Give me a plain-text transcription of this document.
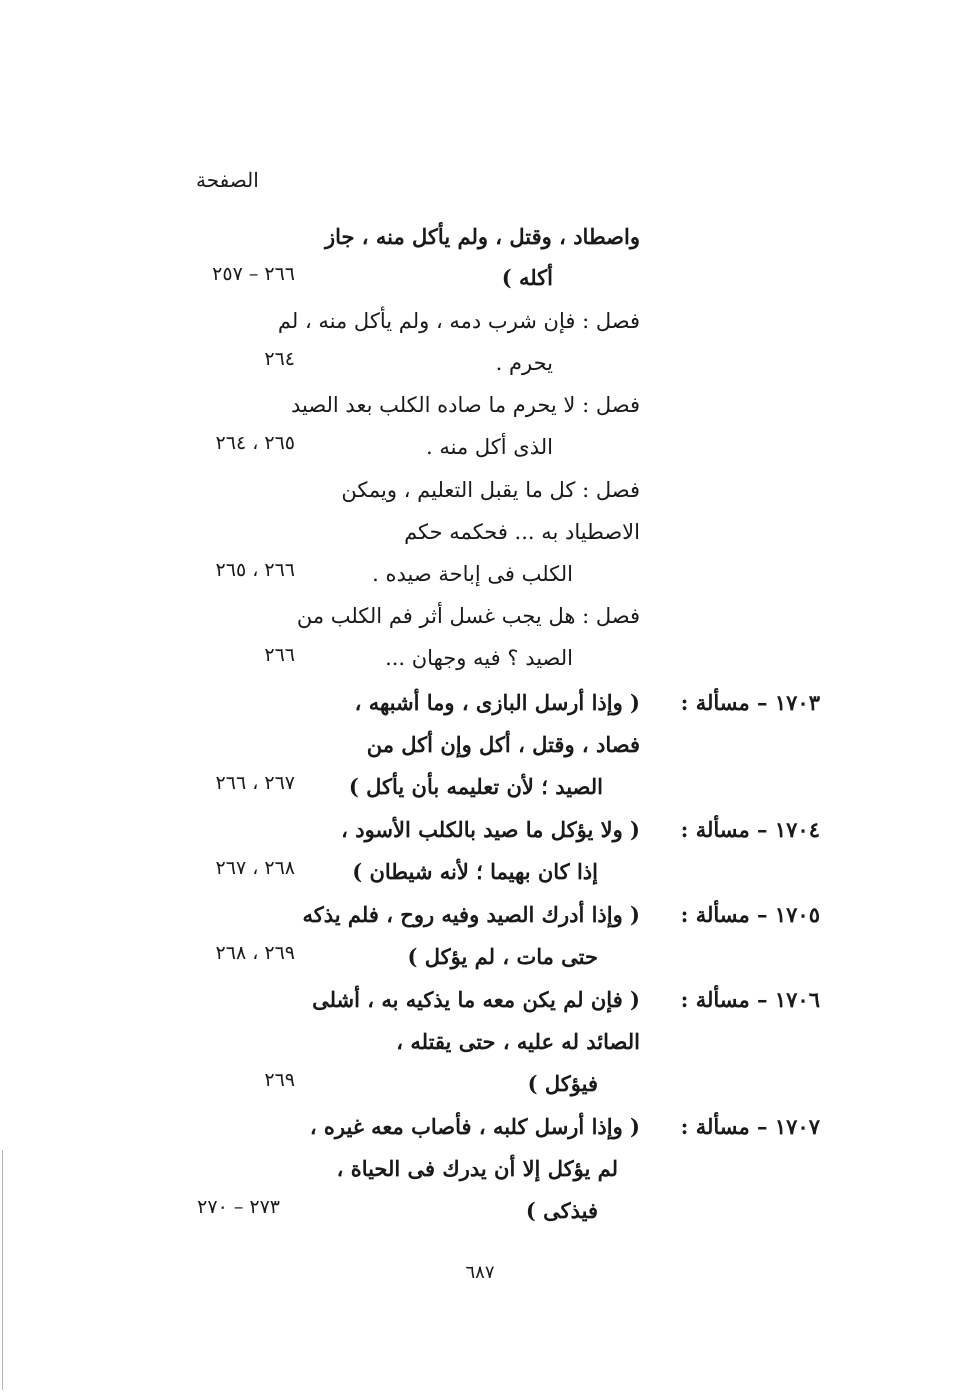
الصفحة
واصطاد ، وقتل ، ولم يأكل منه ، جاز
أكله )
٢٦٦ – ٢٥٧
فصل : فإن شرب دمه ، ولم يأكل منه ، لم
يحرم .
٢٦٤
فصل : لا يحرم ما صاده الكلب بعد الصيد
الذى أكل منه .
٢٦٥ ، ٢٦٤
فصل : كل ما يقبل التعليم ، ويمكن
الاصطياد به ... فحكمه حكم
الكلب فى إباحة صيده .
٢٦٦ ، ٢٦٥
فصل : هل يجب غسل أثر فم الكلب من
الصيد ؟ فيه وجهان ...
٢٦٦
١٧٠٣ – مسألة :
( وإذا أرسل البازى ، وما أشبهه ،
فصاد ، وقتل ، أكل وإن أكل من
الصيد ؛ لأن تعليمه بأن يأكل )
٢٦٧ ، ٢٦٦
١٧٠٤ – مسألة :
( ولا يؤكل ما صيد بالكلب الأسود ،
إذا كان بهيما ؛ لأنه شيطان )
٢٦٨ ، ٢٦٧
١٧٠٥ – مسألة :
( وإذا أدرك الصيد وفيه روح ، فلم يذكه
حتى مات ، لم يؤكل )
٢٦٩ ، ٢٦٨
١٧٠٦ – مسألة :
( فإن لم يكن معه ما يذكيه به ، أشلى
الصائد له عليه ، حتى يقتله ،
فيؤكل )
٢٦٩
١٧٠٧ – مسألة :
( وإذا أرسل كلبه ، فأصاب معه غيره ،
لم يؤكل إلا أن يدرك فى الحياة ،
فيذكى )
٢٧٣ – ٢٧٠
٦٨٧
